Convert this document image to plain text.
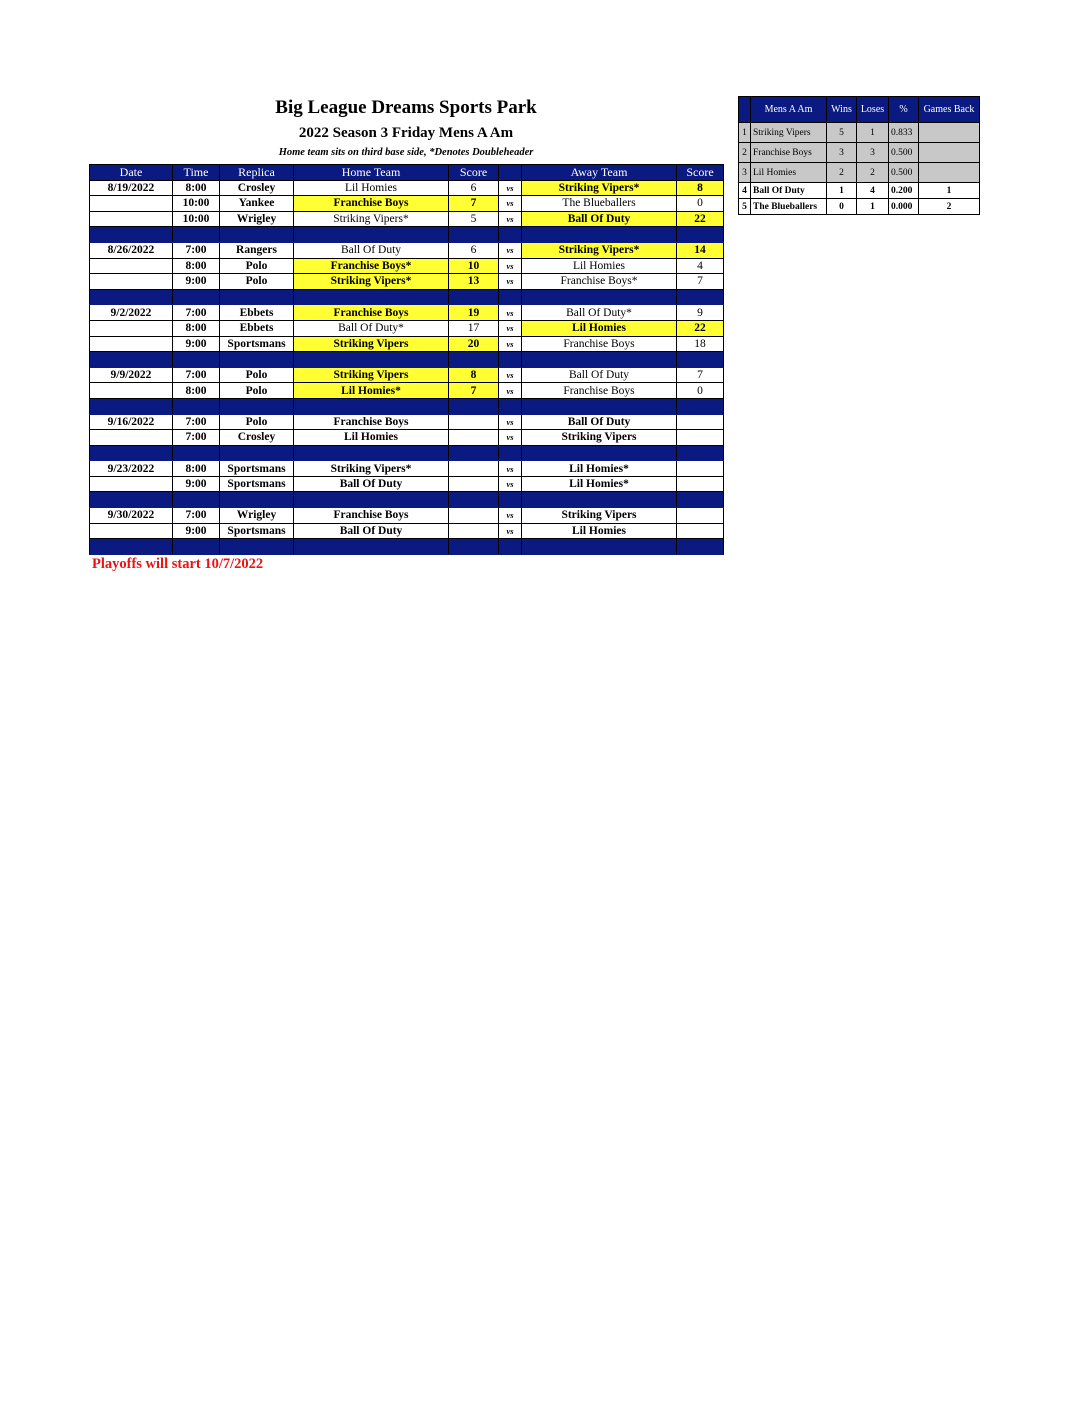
Big League Dreams Sports Park
2022 Season 3 Friday Mens A Am
Home team sits on third base side, *Denotes Doubleheader
Date	Time	Replica	Home Team	Score		Away Team	Score
8/19/2022	8:00	Crosley	Lil Homies	6	vs	Striking Vipers*	8
	10:00	Yankee	Franchise Boys	7	vs	The Blueballers	0
	10:00	Wrigley	Striking Vipers*	5	vs	Ball Of Duty	22

8/26/2022	7:00	Rangers	Ball Of Duty	6	vs	Striking Vipers*	14
	8:00	Polo	Franchise Boys*	10	vs	Lil Homies	4
	9:00	Polo	Striking Vipers*	13	vs	Franchise Boys*	7

9/2/2022	7:00	Ebbets	Franchise Boys	19	vs	Ball Of Duty*	9
	8:00	Ebbets	Ball Of Duty*	17	vs	Lil Homies	22
	9:00	Sportsmans	Striking Vipers	20	vs	Franchise Boys	18

9/9/2022	7:00	Polo	Striking Vipers	8	vs	Ball Of Duty	7
	8:00	Polo	Lil Homies*	7	vs	Franchise Boys	0

9/16/2022	7:00	Polo	Franchise Boys		vs	Ball Of Duty	
	7:00	Crosley	Lil Homies		vs	Striking Vipers	

9/23/2022	8:00	Sportsmans	Striking Vipers*		vs	Lil Homies*	
	9:00	Sportsmans	Ball Of Duty		vs	Lil Homies*	

9/30/2022	7:00	Wrigley	Franchise Boys		vs	Striking Vipers	
	9:00	Sportsmans	Ball Of Duty		vs	Lil Homies	

	Mens A Am	Wins	Loses	%	Games Back
1	Striking Vipers	5	1	0.833	
2	Franchise Boys	3	3	0.500	
3	Lil Homies	2	2	0.500	
4	Ball Of Duty	1	4	0.200	1
5	The Blueballers	0	1	0.000	2
Playoffs will start 10/7/2022
